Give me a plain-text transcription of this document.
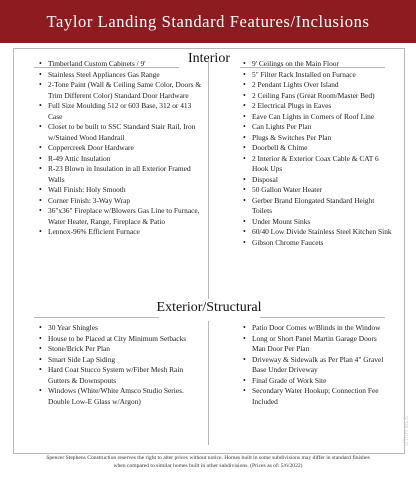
Taylor Landing Standard Features/Inclusions
Interior
• Timberland Custom Cabinets / 9'
• Stainless Steel Appliances Gas Range
• 2-Tone Paint (Wall & Ceiling Same Color, Doors & Trim Different Color) Standard Door Hardware
• Full Size Moulding 512 or 603 Base, 312 or 413 Case
• Closet to be built to SSC Standard Stair Rail, Iron w/Stained Wood Handrail
• Coppercreek Door Hardware
• R-49 Attic Insulation
• R-23 Blown in Insulation in all Exterior Framed Walls
• Wall Finish: Holy Smooth
• Corner Finish: 3-Way Wrap
• 36"x36" Fireplace w/Blowers Gas Line to Furnace, Water Heater, Range, Fireplace & Patio
• Lennox-96% Efficient Furnace
• 9' Ceilings on the Main Floor
• 5" Filter Rack Installed on Furnace
• 2 Pendant Lights Over Island
• 2 Ceiling Fans (Great Room/Master Bed)
• 2 Electrical Plugs in Eaves
• Eave Can Lights in Corners of Roof Line
• Can Lights Per Plan
• Plugs & Switches Per Plan
• Doorbell & Chime
• 2 Interior & Exterior Coax Cable & CAT 6 Hook Ups
• Disposal
• 50 Gallon Water Heater
• Gerber Brand Elongated Standard Height Toilets
• Under Mount Sinks
• 60/40 Low Divide Stainless Steel Kitchen Sink
• Gibson Chrome Faucets
Exterior/Structural
• 30 Year Shingles
• House to be Placed at City Minimum Setbacks
• Stone/Brick Per Plan
• Smart Side Lap Siding
• Hard Coat Stucco System w/Fiber Mesh Rain Gutters & Downspouts
• Windows (White/White Amsco Studio Series. Double Low-E Glass w/Argon)
• Patio Door Comes w/Blinds in the Window
• Long or Short Panel Martin Garage Doors Man Door Per Plan
• Driveway & Sidewalk as Per Plan 4" Gravel Base Under Driveway
• Final Grade of Work Site
• Secondary Water Hookup; Connection Fee Included
Spencer Stephens Construction reserves the right to alter prices without notice. Homes built in some subdivisions may differ in standard finishes
when compared to similar homes built in other subdivisions. (Prices as of: 5/6/2022)
UTAH MLS
